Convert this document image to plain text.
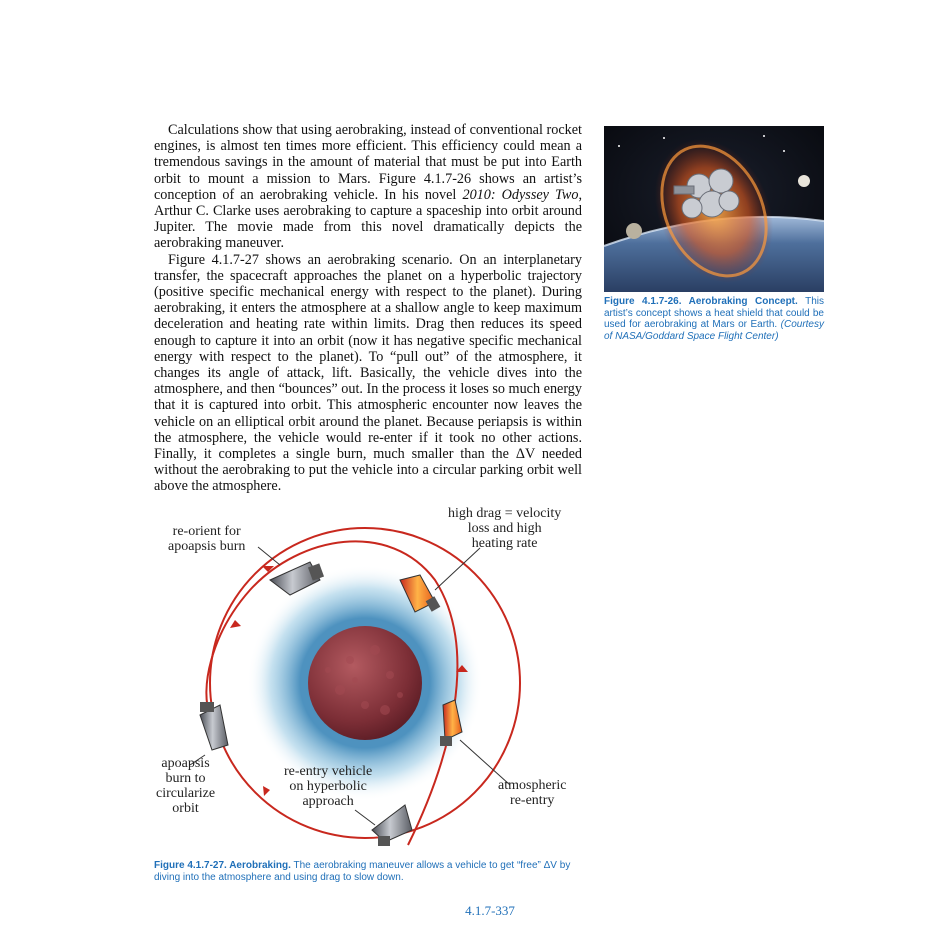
Calculations show that using aerobraking, instead of conventional rocket engines, is almost ten times more efficient. This efficiency could mean a tremendous savings in the amount of material that must be put into Earth orbit to mount a mission to Mars. Figure 4.1.7-26 shows an artist’s conception of an aerobraking vehicle. In his novel 2010: Odyssey Two, Arthur C. Clarke uses aerobraking to capture a spaceship into orbit around Jupiter. The movie made from this novel dramatically depicts the aerobraking maneuver.

Figure 4.1.7-27 shows an aerobraking scenario. On an interplanetary transfer, the spacecraft approaches the planet on a hyperbolic trajectory (positive specific mechanical energy with respect to the planet). During aerobraking, it enters the atmosphere at a shallow angle to keep maximum deceleration and heating rate within limits. Drag then reduces its speed enough to capture it into an orbit (now it has negative specific mechanical energy with respect to the planet). To “pull out” of the atmosphere, it changes its angle of attack, lift. Basically, the vehicle dives into the atmosphere, and then “bounces” out. In the process it loses so much energy that it is captured into orbit. This atmospheric encounter now leaves the vehicle on an elliptical orbit around the planet. Because periapsis is within the atmosphere, the vehicle would re-enter if it took no other actions. Finally, it completes a single burn, much smaller than the ΔV needed without the aerobraking to put the vehicle into a circular parking orbit well above the atmosphere.

Figure 4.1.7-26. Aerobraking Concept. This artist’s concept shows a heat shield that could be used for aerobraking at Mars or Earth. (Courtesy of NASA/Goddard Space Flight Center)
re-orient for
apoapsis burn
high drag = velocity
loss and high
heating rate
apoapsis
burn to
circularize
orbit
re-entry vehicle
on hyperbolic
approach
atmospheric
re-entry
Figure 4.1.7-27. Aerobraking. The aerobraking maneuver allows a vehicle to get “free” ΔV by diving into the atmosphere and using drag to slow down.
4.1.7-337
